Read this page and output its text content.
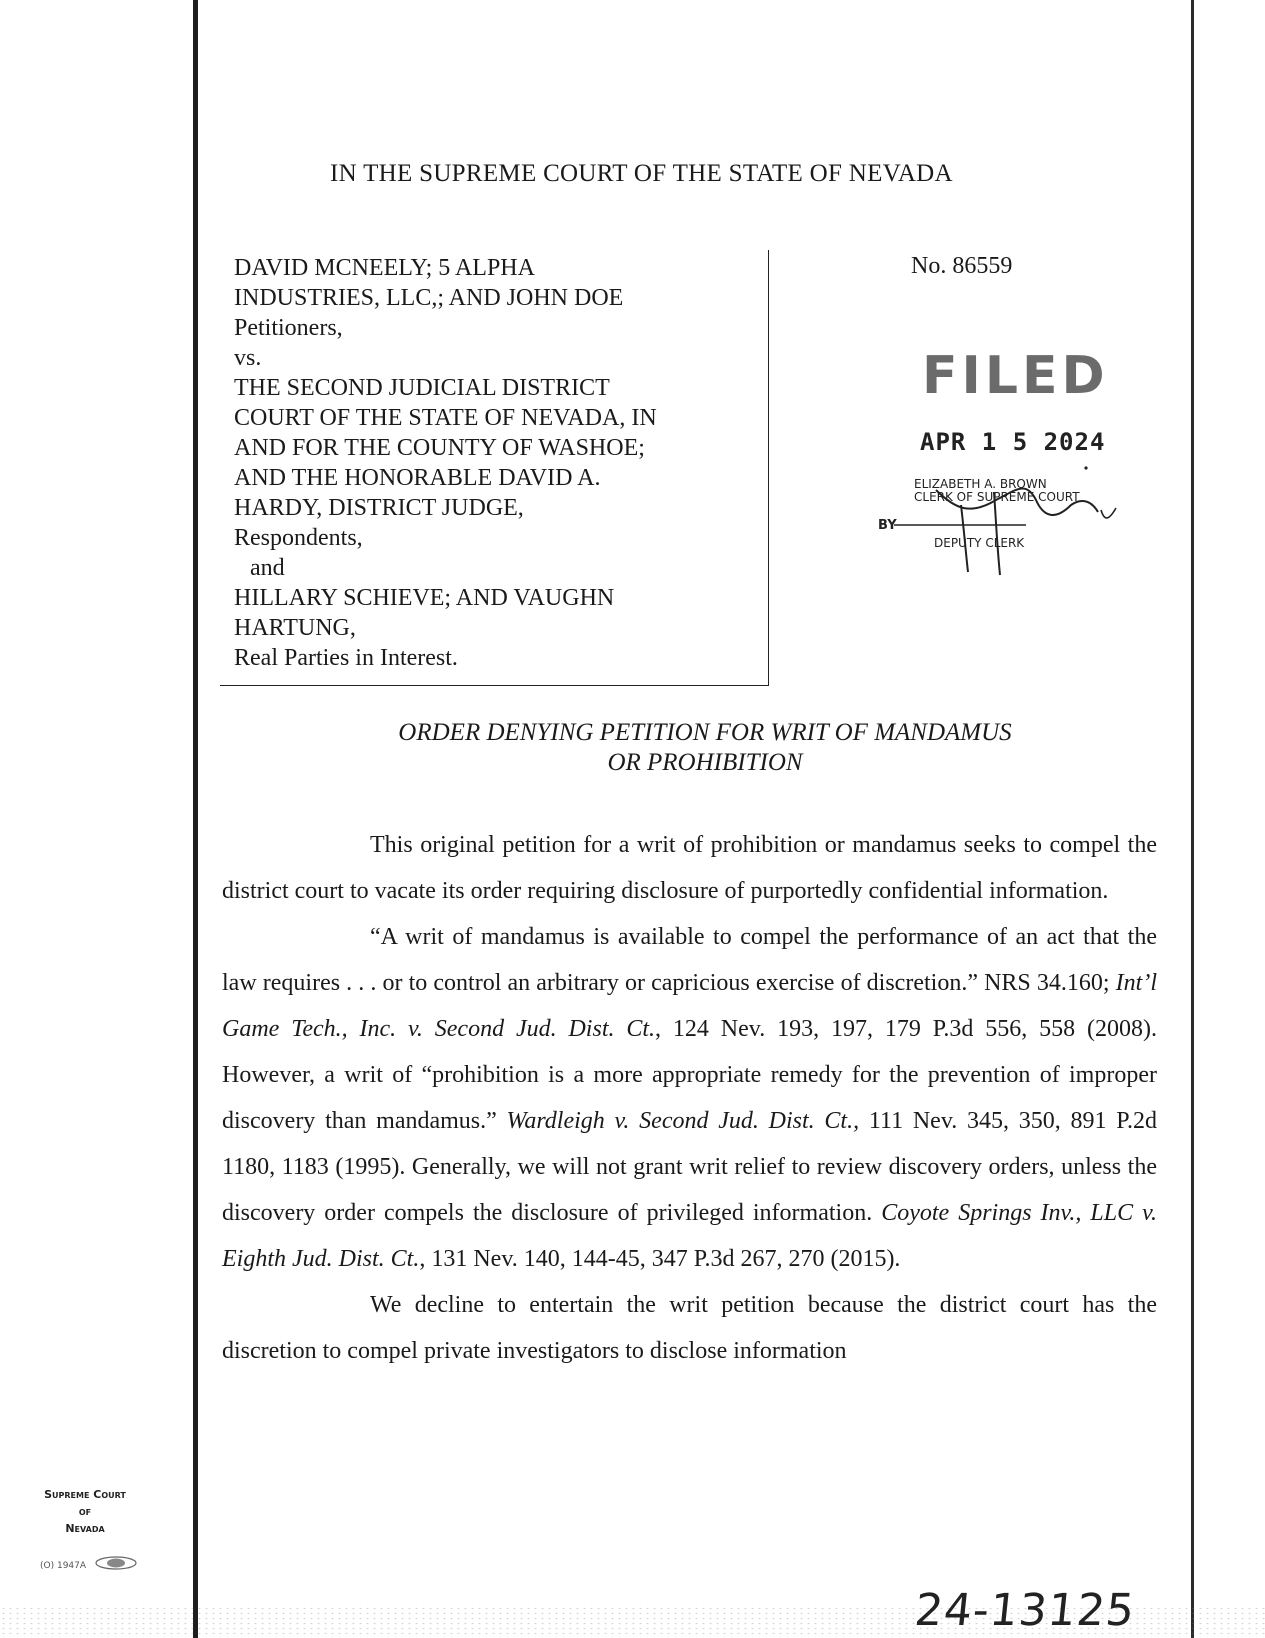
IN THE SUPREME COURT OF THE STATE OF NEVADA
DAVID MCNEELY; 5 ALPHA
INDUSTRIES, LLC,; AND JOHN DOE
Petitioners,
vs.
THE SECOND JUDICIAL DISTRICT
COURT OF THE STATE OF NEVADA, IN
AND FOR THE COUNTY OF WASHOE;
AND THE HONORABLE DAVID A.
HARDY, DISTRICT JUDGE,
Respondents,
and
HILLARY SCHIEVE; AND VAUGHN
HARTUNG,
Real Parties in Interest.
No. 86559
FILED
APR 1 5 2024
ELIZABETH A. BROWN
CLERK OF SUPREME COURT
BY
DEPUTY CLERK
ORDER DENYING PETITION FOR WRIT OF MANDAMUS
OR PROHIBITION

This original petition for a writ of prohibition or mandamus seeks to compel the district court to vacate its order requiring disclosure of purportedly confidential information.

“A writ of mandamus is available to compel the performance of an act that the law requires . . . or to control an arbitrary or capricious exercise of discretion.” NRS 34.160; Int’l Game Tech., Inc. v. Second Jud. Dist. Ct., 124 Nev. 193, 197, 179 P.3d 556, 558 (2008). However, a writ of “prohibition is a more appropriate remedy for the prevention of improper discovery than mandamus.” Wardleigh v. Second Jud. Dist. Ct., 111 Nev. 345, 350, 891 P.2d 1180, 1183 (1995). Generally, we will not grant writ relief to review discovery orders, unless the discovery order compels the disclosure of privileged information. Coyote Springs Inv., LLC v. Eighth Jud. Dist. Ct., 131 Nev. 140, 144-45, 347 P.3d 267, 270 (2015).

We decline to entertain the writ petition because the district court has the discretion to compel private investigators to disclose information

Supreme Court
of
Nevada
(O) 1947A
24-13125
